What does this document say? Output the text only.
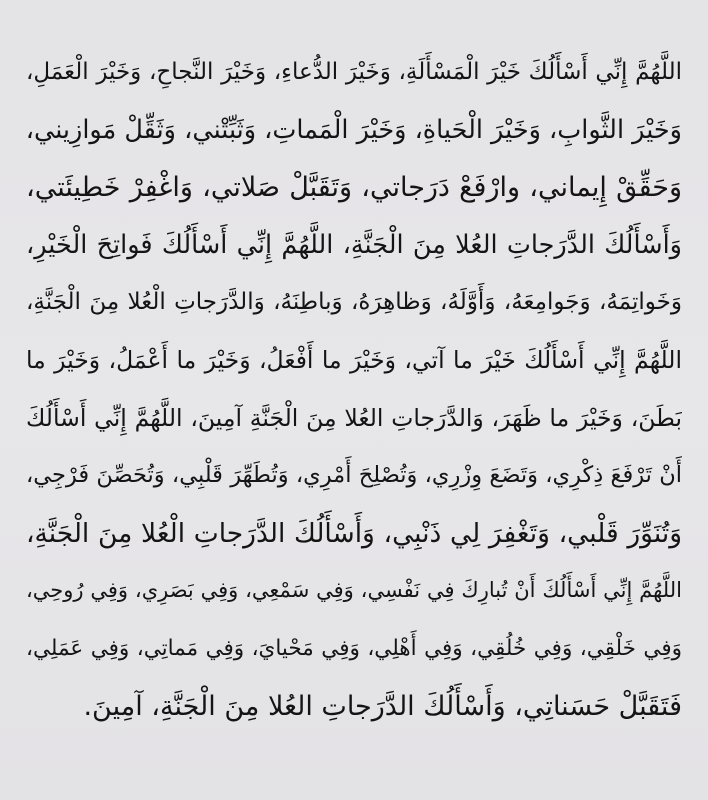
اللَّهُمَّ إِنِّي أَسْأَلُكَ خَيْرَ الْمَسْأَلَةِ، وَخَيْرَ الدُّعاءِ، وَخَيْرَ النَّجاحِ، وَخَيْرَ الْعَمَلِ،
وَخَيْرَ الثَّوابِ، وَخَيْرَ الْحَياةِ، وَخَيْرَ الْمَماتِ، وَثَبِّتْني، وَثَقِّلْ مَوازِيني،
وَحَقِّقْ إِيماني، وارْفَعْ دَرَجاتي، وَتَقَبَّلْ صَلاتي، وَاغْفِرْ خَطِيئَتي،
وَأَسْأَلُكَ الدَّرَجاتِ العُلا مِنَ الْجَنَّةِ، اللَّهُمَّ إِنِّي أَسْأَلُكَ فَواتِحَ الْخَيْرِ،
وَخَواتِمَهُ، وَجَوامِعَهُ، وَأَوَّلَهُ، وَظاهِرَهُ، وَباطِنَهُ، وَالدَّرَجاتِ الْعُلا مِنَ الْجَنَّةِ،
اللَّهُمَّ إِنِّي أَسْأَلُكَ خَيْرَ ما آتي، وَخَيْرَ ما أَفْعَلُ، وَخَيْرَ ما أَعْمَلُ، وَخَيْرَ ما
بَطَنَ، وَخَيْرَ ما ظَهَرَ، وَالدَّرَجاتِ العُلا مِنَ الْجَنَّةِ آمِينَ، اللَّهُمَّ إِنِّي أَسْأَلُكَ
أَنْ تَرْفَعَ ذِكْرِي، وَتَضَعَ وِزْرِي، وَتُصْلِحَ أَمْرِي، وَتُطَهِّرَ قَلْبِي، وَتُحَصِّنَ فَرْجِي،
وَتُنَوِّرَ قَلْبي، وَتَغْفِرَ لِي ذَنْبِي، وَأَسْأَلُكَ الدَّرَجاتِ الْعُلا مِنَ الْجَنَّةِ،
اللَّهُمَّ إِنِّي أَسْأَلُكَ أَنْ تُبارِكَ فِي نَفْسِي، وَفِي سَمْعِي، وَفِي بَصَرِي، وَفِي رُوحِي،
وَفِي خَلْقِي، وَفِي خُلُقِي، وَفِي أَهْلِي، وَفِي مَحْيايَ، وَفِي مَماتِي، وَفِي عَمَلِي،
فَتَقَبَّلْ حَسَناتِي، وَأَسْأَلُكَ الدَّرَجاتِ العُلا مِنَ الْجَنَّةِ، آمِينَ.
